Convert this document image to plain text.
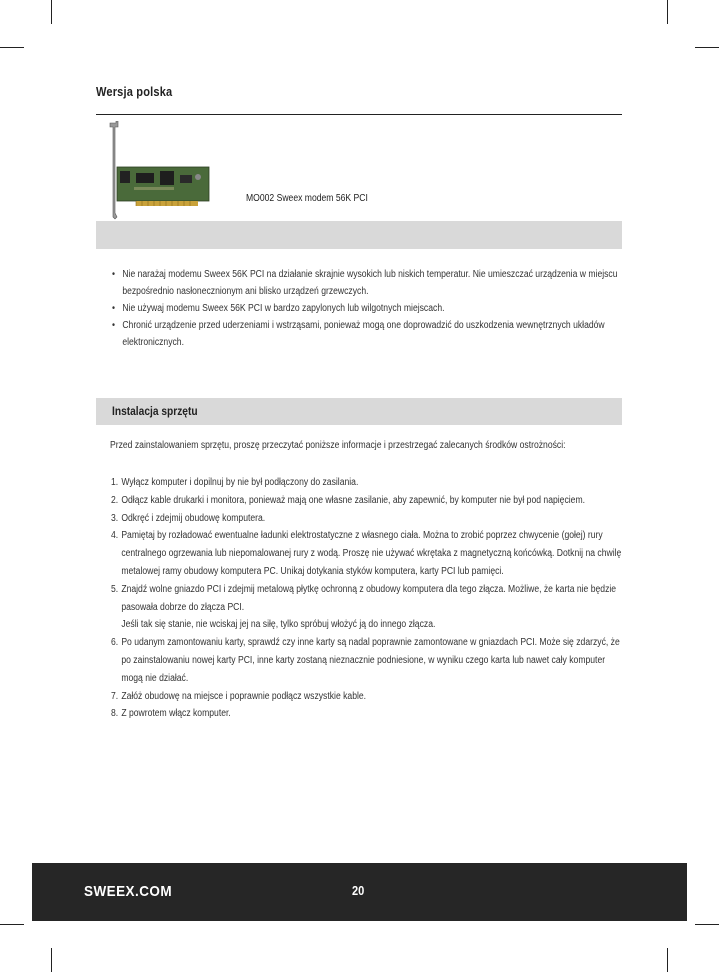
Wersja polska
MO002 Sweex modem 56K PCI
• Nie narażaj modemu Sweex 56K PCI na działanie skrajnie wysokich lub niskich temperatur. Nie umieszczać urządzenia w miejscu bezpośrednio nasłonecznionym ani blisko urządzeń grzewczych.
• Nie używaj modemu Sweex 56K PCI w bardzo zapylonych lub wilgotnych miejscach.
• Chronić urządzenie przed uderzeniami i wstrząsami, ponieważ mogą one doprowadzić do uszkodzenia wewnętrznych układów elektronicznych.
Instalacja sprzętu
Przed zainstalowaniem sprzętu, proszę przeczytać poniższe informacje i przestrzegać zalecanych środków ostrożności:
1. Wyłącz komputer i dopilnuj by nie był podłączony do zasilania.
2. Odłącz kable drukarki i monitora, ponieważ mają one własne zasilanie, aby zapewnić, by komputer nie był pod napięciem.
3. Odkręć i zdejmij obudowę komputera.
4. Pamiętaj by rozładować ewentualne ładunki elektrostatyczne z własnego ciała. Można to zrobić poprzez chwycenie (gołej) rury centralnego ogrzewania lub niepomalowanej rury z wodą. Proszę nie używać wkrętaka z magnetyczną końcówką. Dotknij na chwilę metalowej ramy obudowy komputera PC. Unikaj dotykania styków komputera, karty PCI lub pamięci.
5. Znajdź wolne gniazdo PCI i zdejmij metalową płytkę ochronną z obudowy komputera dla tego złącza. Możliwe, że karta nie będzie pasowała dobrze do złącza PCI.
Jeśli tak się stanie, nie wciskaj jej na siłę, tylko spróbuj włożyć ją do innego złącza.
6. Po udanym zamontowaniu karty, sprawdź czy inne karty są nadal poprawnie zamontowane w gniazdach PCI. Może się zdarzyć, że po zainstalowaniu nowej karty PCI, inne karty zostaną nieznacznie podniesione, w wyniku czego karta lub nawet cały komputer mogą nie działać.
7. Załóż obudowę na miejsce i poprawnie podłącz wszystkie kable.
8. Z powrotem włącz komputer.
SWEEX.COM	20
